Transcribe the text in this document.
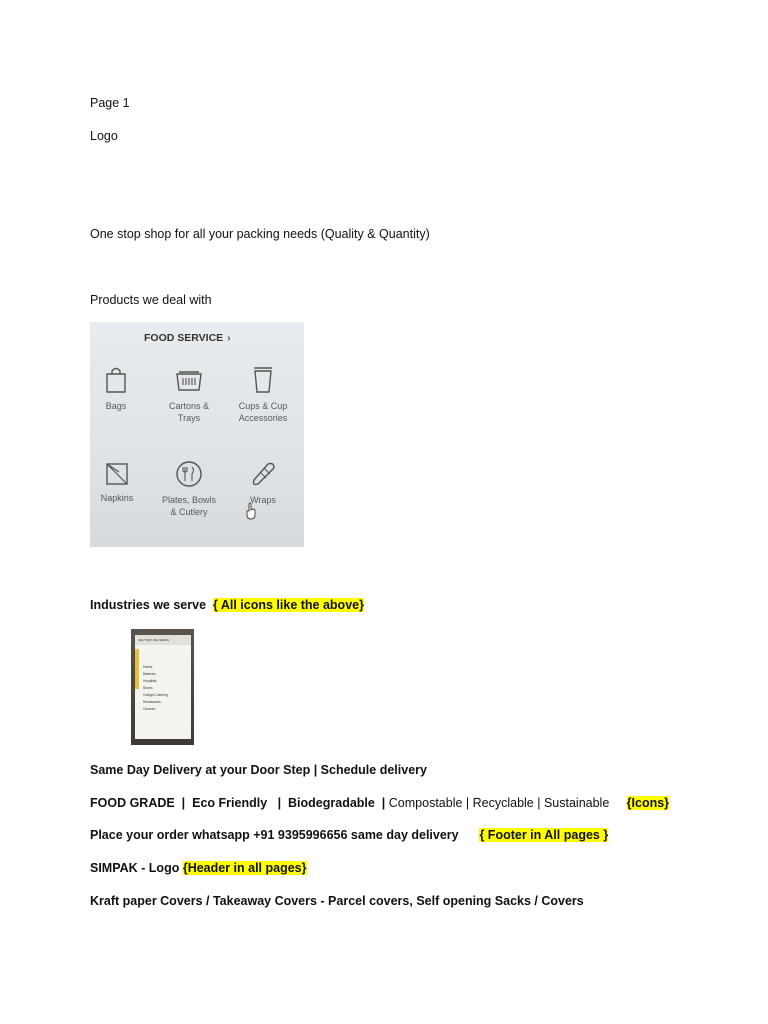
Page 1
Logo
One stop shop for all your packing needs (Quality & Quantity)
Products we deal with
FOOD SERVICE ›
Bags	Cartons &
Trays
Cups & Cup
Accessories
Napkins	Plates, Bowls
& Cutlery
Wraps
Industries we serve { All icons like the above}
SECTORS WE SERVE
Hotels
Bakeries
Hospitals
Stores
Outlight Catering
Restaurants
Canteen
Same Day Delivery at your Door Step | Schedule delivery
FOOD GRADE  |  Eco Friendly   |  Biodegradable  | Compostable | Recyclable | Sustainable {Icons}
Place your order whatsapp +91 9395996656 same day delivery { Footer in All pages }
SIMPAK - Logo {Header in all pages}
Kraft paper Covers / Takeaway Covers - Parcel covers, Self opening Sacks / Covers
